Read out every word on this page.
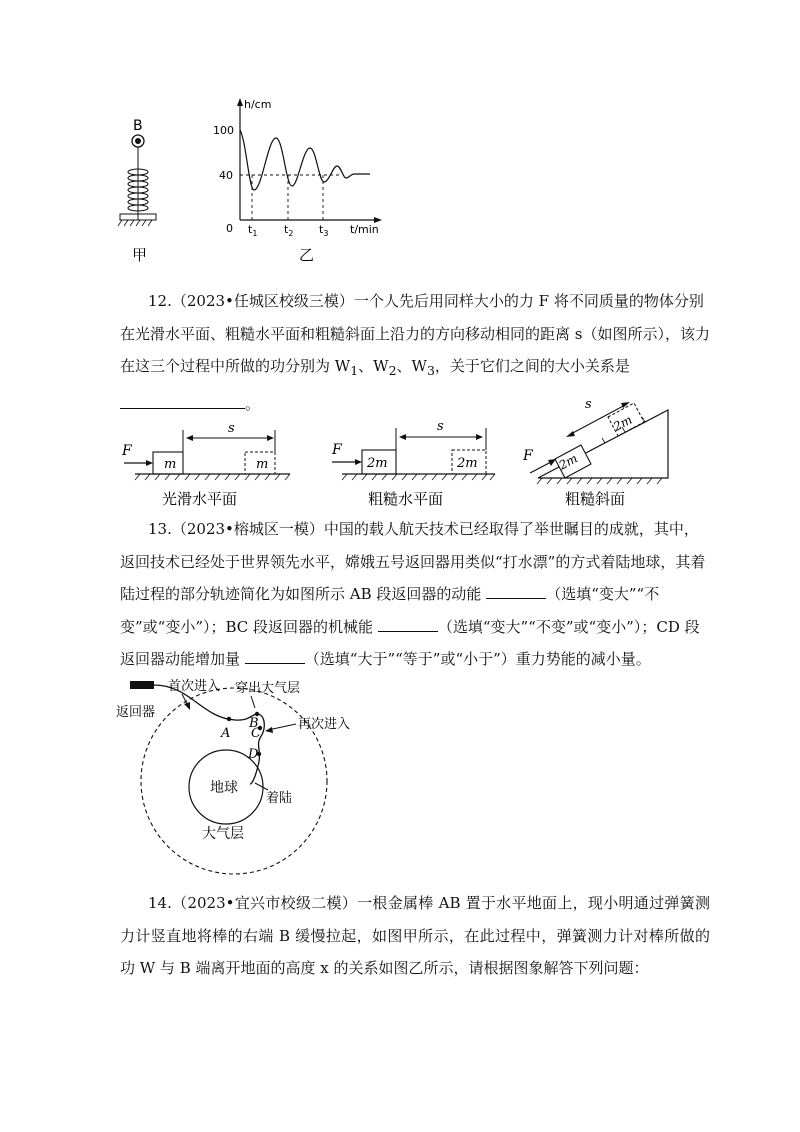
B
甲
h/cm
t/min
0
100
40
$t_1$ $t_2$ $t_3$
乙

12.（2023•任城区校级三模）一个人先后用同样大小的力 F 将不同质量的物体分别在光滑水平面、粗糙水平面和粗糙斜面上沿力的方向移动相同的距离 s（如图所示），该力在这三个过程中所做的功分别为 $W_1$、$W_2$、$W_3$，关于它们之间的大小关系是 。

m	m
F
s
光滑水平面
2m	2m
F
s
粗糙水平面
2m
2m
F
s
粗糙斜面

13.（2023•榕城区一模）中国的载人航天技术已经取得了举世瞩目的成就，其中，返回技术已经处于世界领先水平，嫦娥五号返回器用类似“打水漂”的方式着陆地球，其着陆过程的部分轨迹简化为如图所示 AB 段返回器的动能	（选填“变大”“不变”或“变小”）；BC 段返回器的机械能	（选填“变大”“不变”或“变小”）；CD 段返回器动能增加量	（选填“大于”“等于”或“小于”）重力势能的减小量。

地球
A
B
C
D
首次进入 穿出大气层
返回器
再次进入
着陆
大气层

14.（2023•宜兴市校级二模）一根金属棒 AB 置于水平地面上，现小明通过弹簧测力计竖直地将棒的右端 B 缓慢拉起，如图甲所示，在此过程中，弹簧测力计对棒所做的功 W 与 B 端离开地面的高度 x 的关系如图乙所示，请根据图象解答下列问题：
